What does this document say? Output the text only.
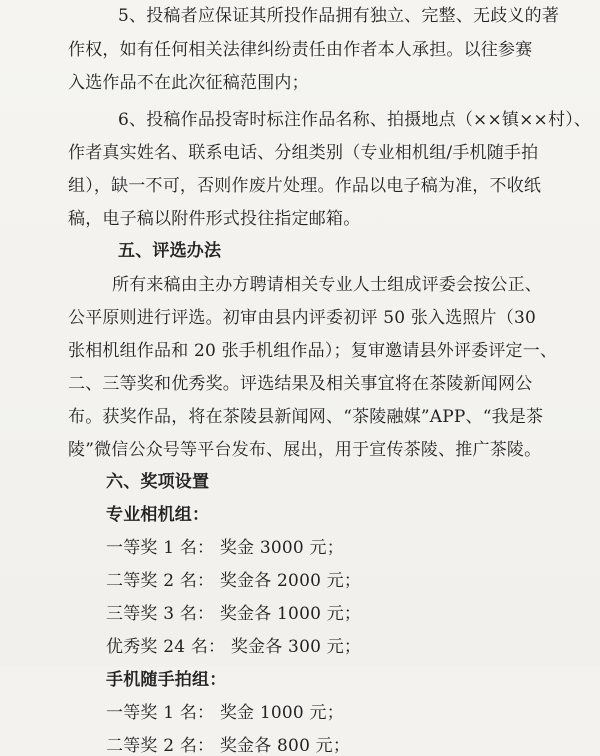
5、投稿者应保证其所投作品拥有独立、完整、无歧义的著
作权，如有任何相关法律纠纷责任由作者本人承担。以往参赛
入选作品不在此次征稿范围内；
6、投稿作品投寄时标注作品名称、拍摄地点（××镇××村）、
作者真实姓名、联系电话、分组类别（专业相机组/手机随手拍
组），缺一不可，否则作废片处理。作品以电子稿为准，不收纸
稿，电子稿以附件形式投往指定邮箱。
五、评选办法
所有来稿由主办方聘请相关专业人士组成评委会按公正、
公平原则进行评选。初审由县内评委初评 50 张入选照片（30
张相机组作品和 20 张手机组作品）；复审邀请县外评委评定一、
二、三等奖和优秀奖。评选结果及相关事宜将在茶陵新闻网公
布。获奖作品，将在茶陵县新闻网、“茶陵融媒”APP、“我是茶
陵”微信公众号等平台发布、展出，用于宣传茶陵、推广茶陵。
六、奖项设置
专业相机组：
一等奖 1 名： 奖金 3000 元；
二等奖 2 名： 奖金各 2000 元；
三等奖 3 名： 奖金各 1000 元；
优秀奖 24 名： 奖金各 300 元；
手机随手拍组：
一等奖 1 名： 奖金 1000 元；
二等奖 2 名： 奖金各 800 元；
